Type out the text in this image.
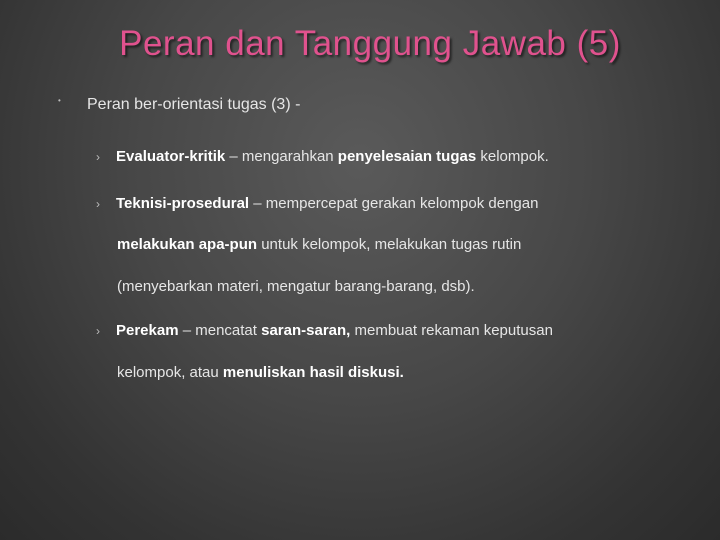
Peran dan Tanggung Jawab (5)
• Peran ber-orientasi tugas (3) -
› Evaluator-kritik – mengarahkan penyelesaian tugas kelompok.
› Teknisi-prosedural – mempercepat gerakan kelompok dengan
melakukan apa-pun untuk kelompok, melakukan tugas rutin
(menyebarkan materi, mengatur barang-barang, dsb).
› Perekam – mencatat saran-saran, membuat rekaman keputusan
kelompok, atau menuliskan hasil diskusi.
